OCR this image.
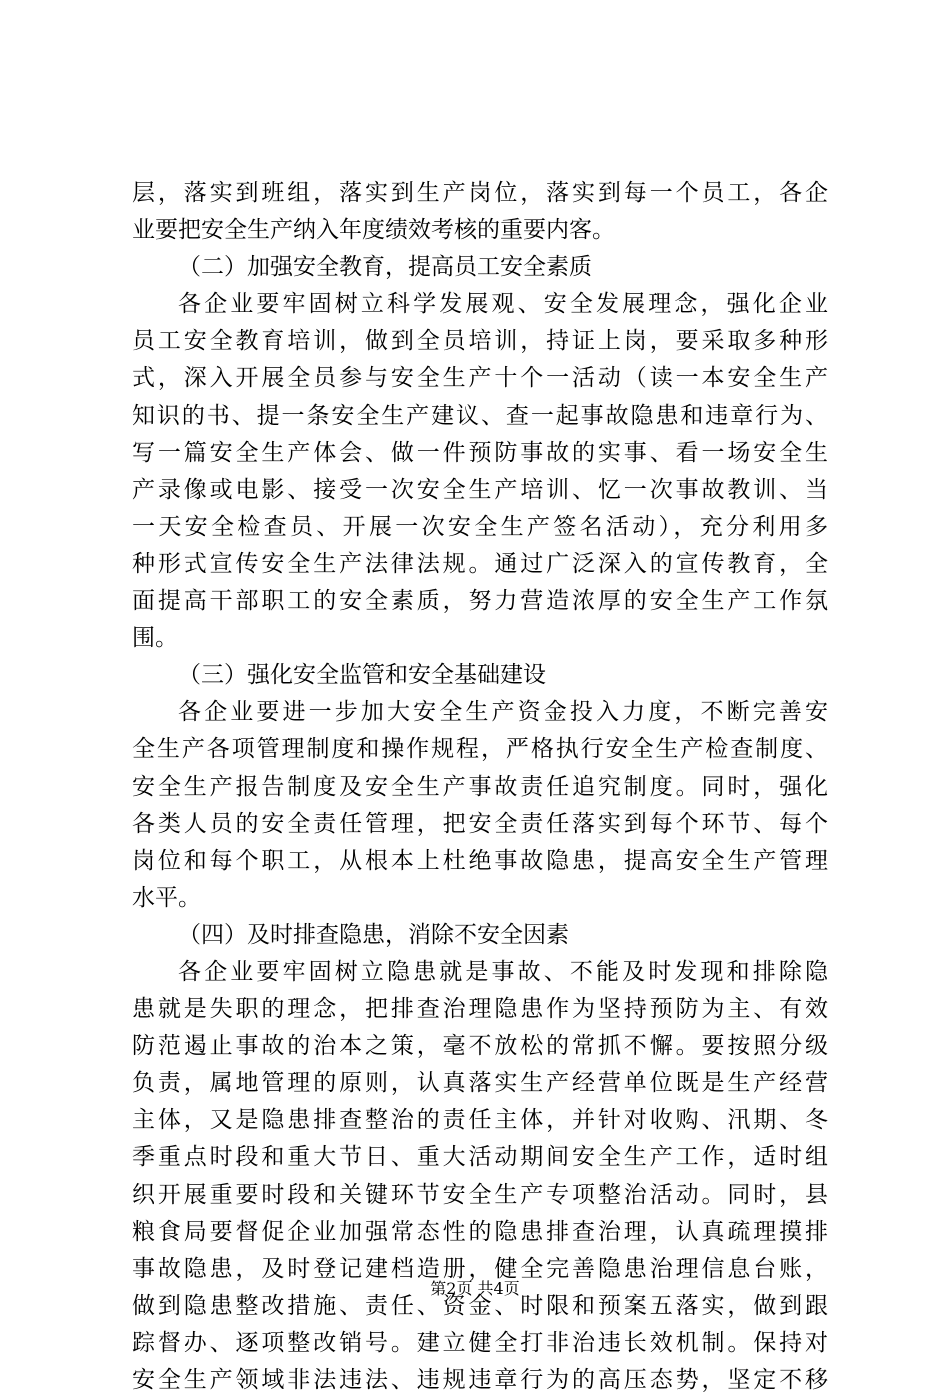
层，落实到班组，落实到生产岗位，落实到每一个员工，各企
业要把安全生产纳入年度绩效考核的重要内客。
（二）加强安全教育，提高员工安全素质
各企业要牢固树立科学发展观、安全发展理念，强化企业
员工安全教育培训，做到全员培训，持证上岗，要采取多种形
式，深入开展全员参与安全生产十个一活动（读一本安全生产
知识的书、提一条安全生产建议、查一起事故隐患和违章行为、
写一篇安全生产体会、做一件预防事故的实事、看一场安全生
产录像或电影、接受一次安全生产培训、忆一次事故教训、当
一天安全检查员、开展一次安全生产签名活动），充分利用多
种形式宣传安全生产法律法规。通过广泛深入的宣传教育，全
面提高干部职工的安全素质，努力营造浓厚的安全生产工作氛
围。
（三）强化安全监管和安全基础建设
各企业要进一步加大安全生产资金投入力度，不断完善安
全生产各项管理制度和操作规程，严格执行安全生产检查制度、
安全生产报告制度及安全生产事故责任追究制度。同时，强化
各类人员的安全责任管理，把安全责任落实到每个环节、每个
岗位和每个职工，从根本上杜绝事故隐患，提高安全生产管理
水平。
（四）及时排查隐患，消除不安全因素
各企业要牢固树立隐患就是事故、不能及时发现和排除隐
患就是失职的理念，把排查治理隐患作为坚持预防为主、有效
防范遏止事故的治本之策，毫不放松的常抓不懈。要按照分级
负责，属地管理的原则，认真落实生产经营单位既是生产经营
主体，又是隐患排查整治的责任主体，并针对收购、汛期、冬
季重点时段和重大节日、重大活动期间安全生产工作，适时组
织开展重要时段和关键环节安全生产专项整治活动。同时，县
粮食局要督促企业加强常态性的隐患排查治理，认真疏理摸排
事故隐患，及时登记建档造册，健全完善隐患治理信息台账，
做到隐患整改措施、责任、资金、时限和预案五落实，做到跟
踪督办、逐项整改销号。建立健全打非治违长效机制。保持对
安全生产领域非法违法、违规违章行为的高压态势，坚定不移
第2页 共4页
